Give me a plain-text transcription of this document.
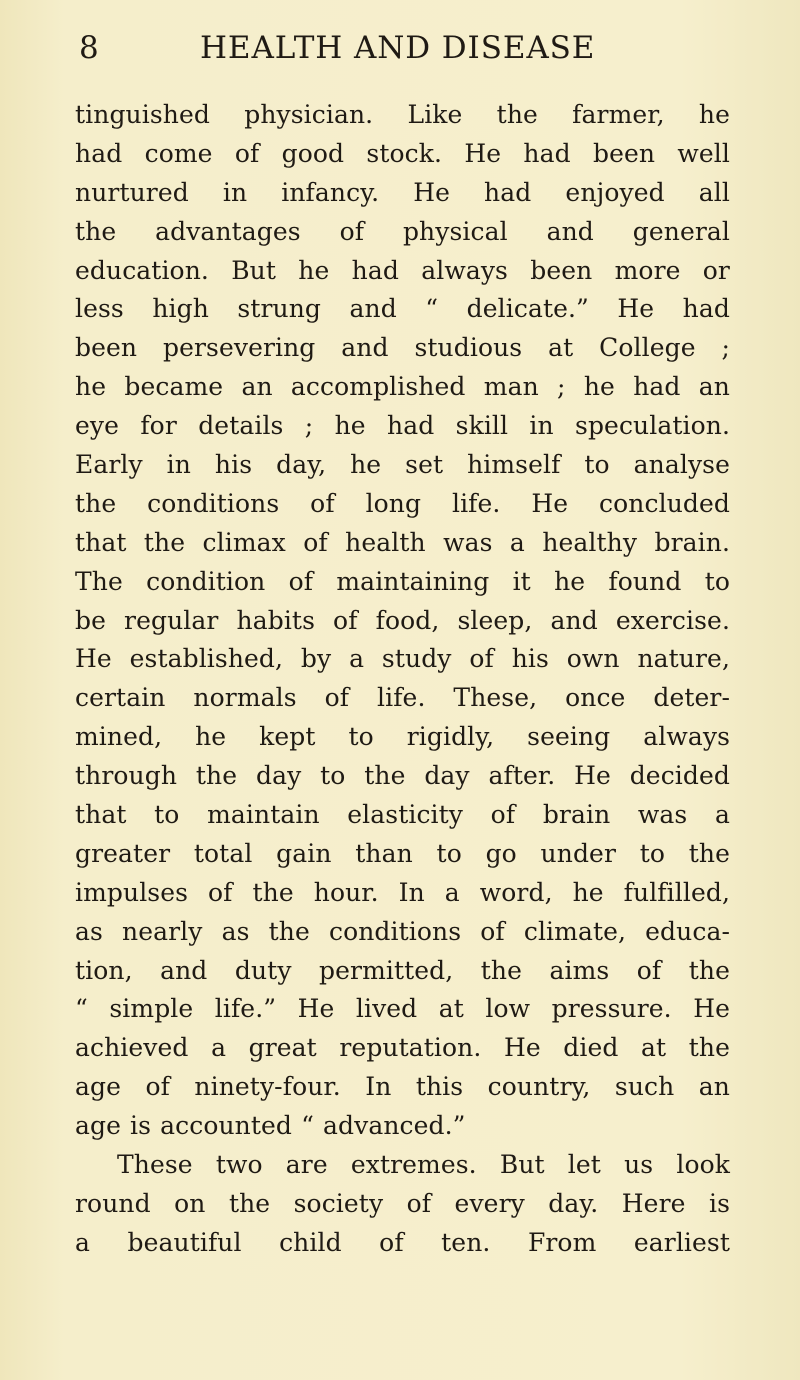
8	HEALTH AND DISEASE
tinguished physician. Like the farmer, he
had come of good stock. He had been well
nurtured in infancy. He had enjoyed all
the advantages of physical and general
education. But he had always been more or
less high strung and “ delicate.” He had
been persevering and studious at College ;
he became an accomplished man ; he had an
eye for details ; he had skill in speculation.
Early in his day, he set himself to analyse
the conditions of long life. He concluded
that the climax of health was a healthy brain.
The condition of maintaining it he found to
be regular habits of food, sleep, and exercise.
He established, by a study of his own nature,
certain normals of life. These, once deter-
mined, he kept to rigidly, seeing always
through the day to the day after. He decided
that to maintain elasticity of brain was a
greater total gain than to go under to the
impulses of the hour. In a word, he fulfilled,
as nearly as the conditions of climate, educa-
tion, and duty permitted, the aims of the
“ simple life.” He lived at low pressure. He
achieved a great reputation. He died at the
age of ninety-four. In this country, such an
age is accounted “ advanced.”
These two are extremes. But let us look
round on the society of every day. Here is
a beautiful child of ten. From earliest
